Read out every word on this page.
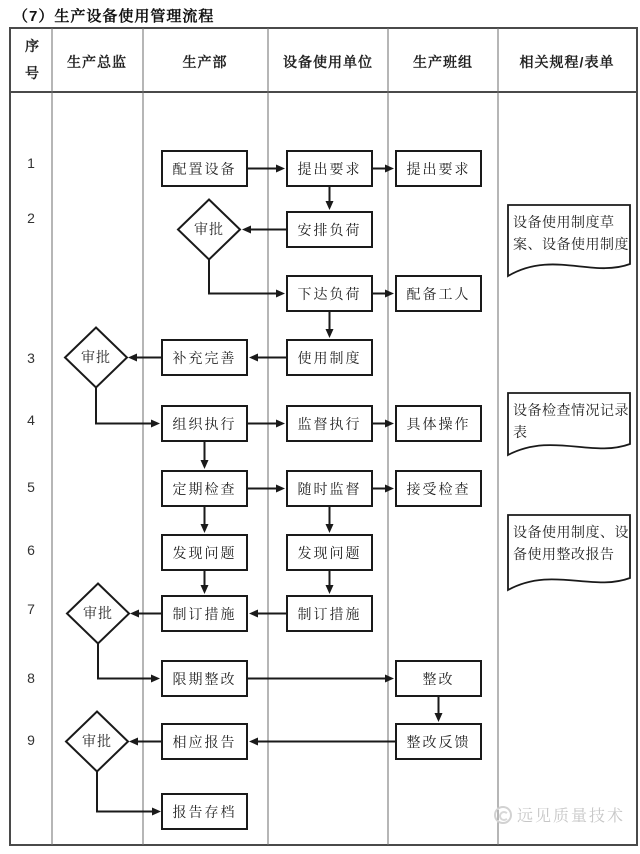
（7）生产设备使用管理流程
序号
生产总监	生产部	设备使用单位	生产班组	相关规程/表单
1
2
3
4
5
6
7
8
9
配置设备
补充完善
组织执行
定期检查
发现问题
制订措施
限期整改
相应报告
报告存档
提出要求
安排负荷
下达负荷
使用制度
监督执行
随时监督
发现问题
制订措施
提出要求
配备工人
具体操作
接受检查
整改
整改反馈
审批
审批
审批
审批
设备使用制度草案、设备使用制度
设备检查情况记录表
设备使用制度、设备使用整改报告
远见质量技术
